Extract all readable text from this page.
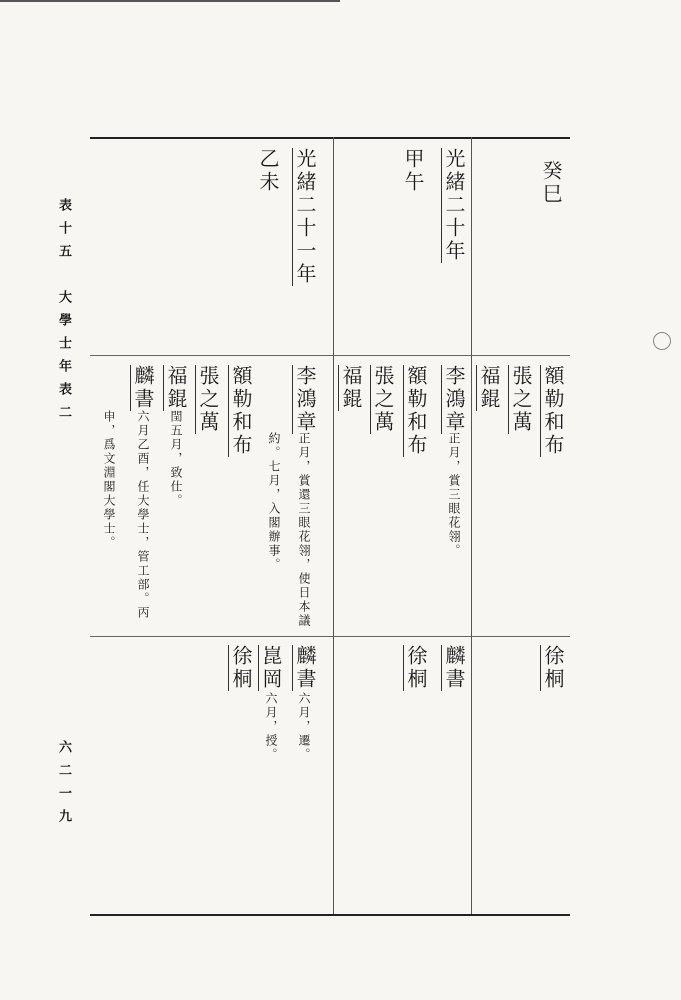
表十五　大學士年表二
六二一九
癸巳
額勒和布
張之萬
福錕
徐桐
光緒二十年
甲午
李鴻章
正月，賞三眼花翎。
額勒和布
張之萬
福錕
麟書
徐桐
光緒二十一年
乙未
李鴻章
正月，賞還三眼花翎，使日本議
約。七月，入閣辦事。
額勒和布
張之萬
福錕
閏五月，致仕。
麟書
六月乙酉，任大學士，管工部。丙
申，爲文淵閣大學士。
麟書
六月，遷。
崑岡
六月，授。
徐桐
